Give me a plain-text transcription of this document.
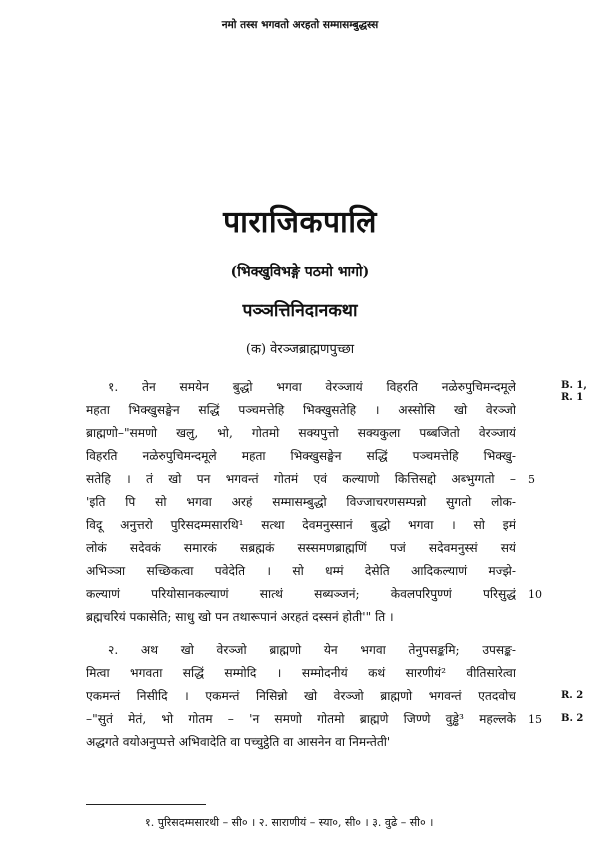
नमो तस्स भगवतो अरहतो सम्मासम्बुद्धस्स
पाराजिकपालि
(भिक्खुविभङ्गे पठमो भागो)
पञ्ञत्तिनिदानकथा
(क) वेरञ्जब्राह्मणपुच्छा
१. तेन समयेन बुद्धो भगवा वेरञ्जायं विहरति नळेरुपुचिमन्दमूले
महता भिक्खुसङ्घेन सद्धिं पञ्चमत्तेहि भिक्खुसतेहि । अस्सोसि खो वेरञ्जो
ब्राह्मणो–"समणो खलु, भो, गोतमो सक्यपुत्तो सक्यकुला पब्बजितो वेरञ्जायं
विहरति नळेरुपुचिमन्दमूले महता भिक्खुसङ्घेन सद्धिं पञ्चमत्तेहि भिक्खु-
सतेहि । तं खो पन भगवन्तं गोतमं एवं कल्याणो कित्तिसद्दो अब्भुग्गतो –
'इति पि सो भगवा अरहं सम्मासम्बुद्धो विज्जाचरणसम्पन्नो सुगतो लोक-
विदू अनुत्तरो पुरिसदम्मसारथि¹ सत्था देवमनुस्सानं बुद्धो भगवा । सो इमं
लोकं सदेवकं समारकं सब्रह्मकं सस्समणब्राह्मणिं पजं सदेवमनुस्सं सयं
अभिञ्ञा सच्छिकत्वा पवेदेति । सो धम्मं देसेति आदिकल्याणं मज्झे-
कल्याणं परियोसानकल्याणं सात्थं सब्यञ्जनं; केवलपरिपुण्णं परिसुद्धं
ब्रह्मचरियं पकासेति; साधु खो पन तथारूपानं अरहतं दस्सनं होती'" ति ।
२. अथ खो वेरञ्जो ब्राह्मणो येन भगवा तेनुपसङ्कमि; उपसङ्क-
मित्वा भगवता सद्धिं सम्मोदि । सम्मोदनीयं कथं सारणीयं² वीतिसारेत्वा
एकमन्तं निसीदि । एकमन्तं निसिन्नो खो वेरञ्जो ब्राह्मणो भगवन्तं एतदवोच
–"सुतं मेतं, भो गोतम – 'न समणो गोतमो ब्राह्मणे जिण्णे वुड्ढे³ महल्लके
अद्धगते वयोअनुप्पत्ते अभिवादेति वा पच्चुट्ठेति वा आसनेन वा निमन्तेती'
5
10
15
B. 1,
R. 1
R. 2
B. 2
१. पुरिसदम्मसारथी – सी० । २. साराणीयं – स्या०, सी० । ३. वुढे – सी० ।
